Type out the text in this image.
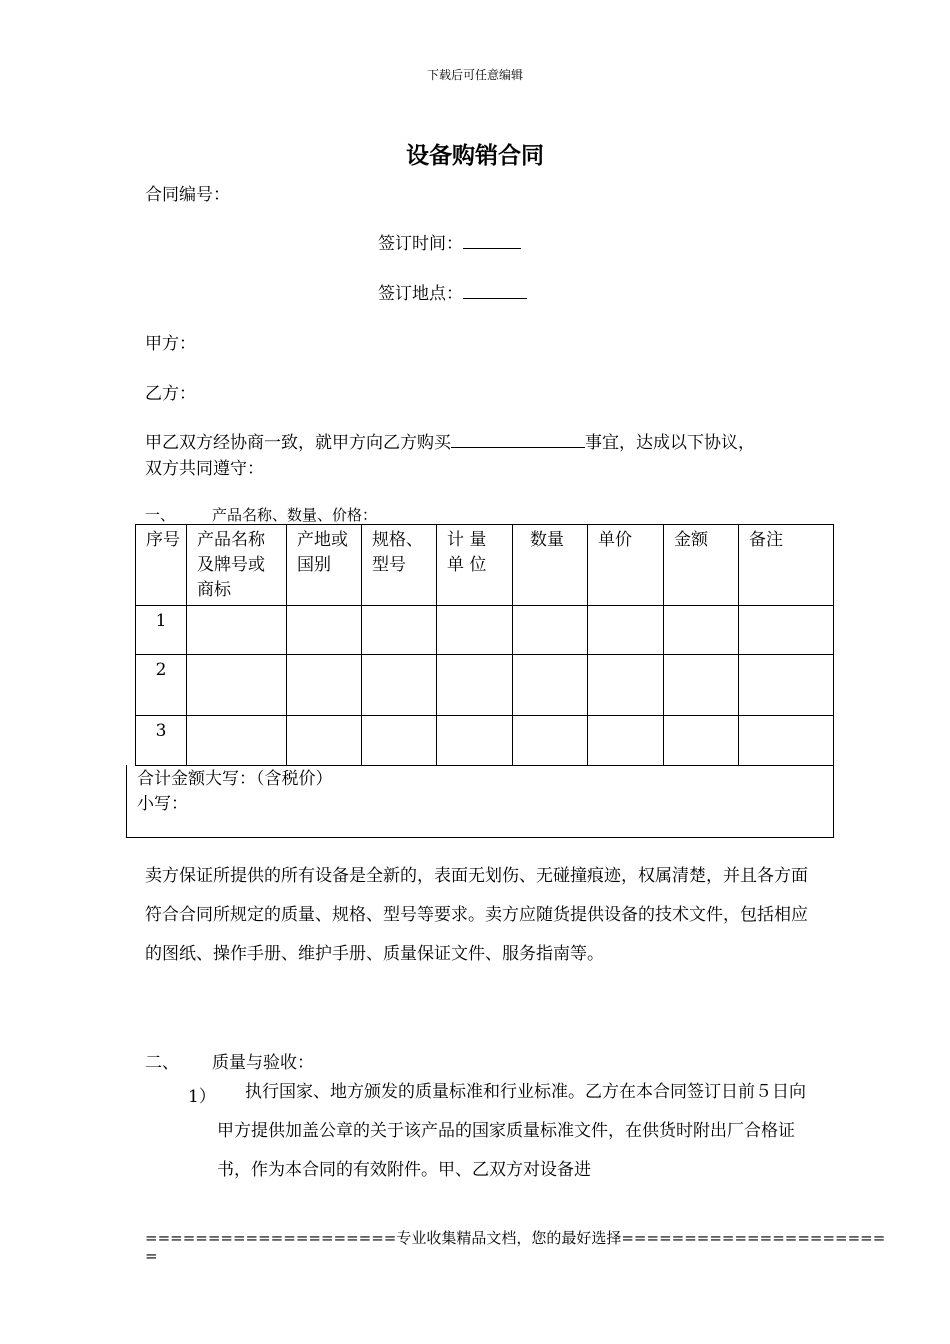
下载后可任意编辑
设备购销合同
合同编号：
签订时间：
签订地点：
甲方：
乙方：
甲乙双方经协商一致，就甲方向乙方购买	事宜，达成以下协议，
双方共同遵守：
一、 产品名称、数量、价格：
序号	产品名称及牌号或商标	产地或国别	规格、型号	计 量 单 位	数量	单价	金额	备注
1								
2								
3								
合计金额大写：（含税价）
小写：
卖方保证所提供的所有设备是全新的，表面无划伤、无碰撞痕迹，权属清楚，并且各方面符合合同所规定的质量、规格、型号等要求。卖方应随货提供设备的技术文件，包括相应的图纸、操作手册、维护手册、质量保证文件、服务指南等。
二、 质量与验收：
1）	执行国家、地方颁发的质量标准和行业标准。乙方在本合同签订日前５日向甲方提供加盖公章的关于该产品的国家质量标准文件，在供货时附出厂合格证书，作为本合同的有效附件。甲、乙双方对设备进
====================专业收集精品文档，您的最好选择=====================
=
